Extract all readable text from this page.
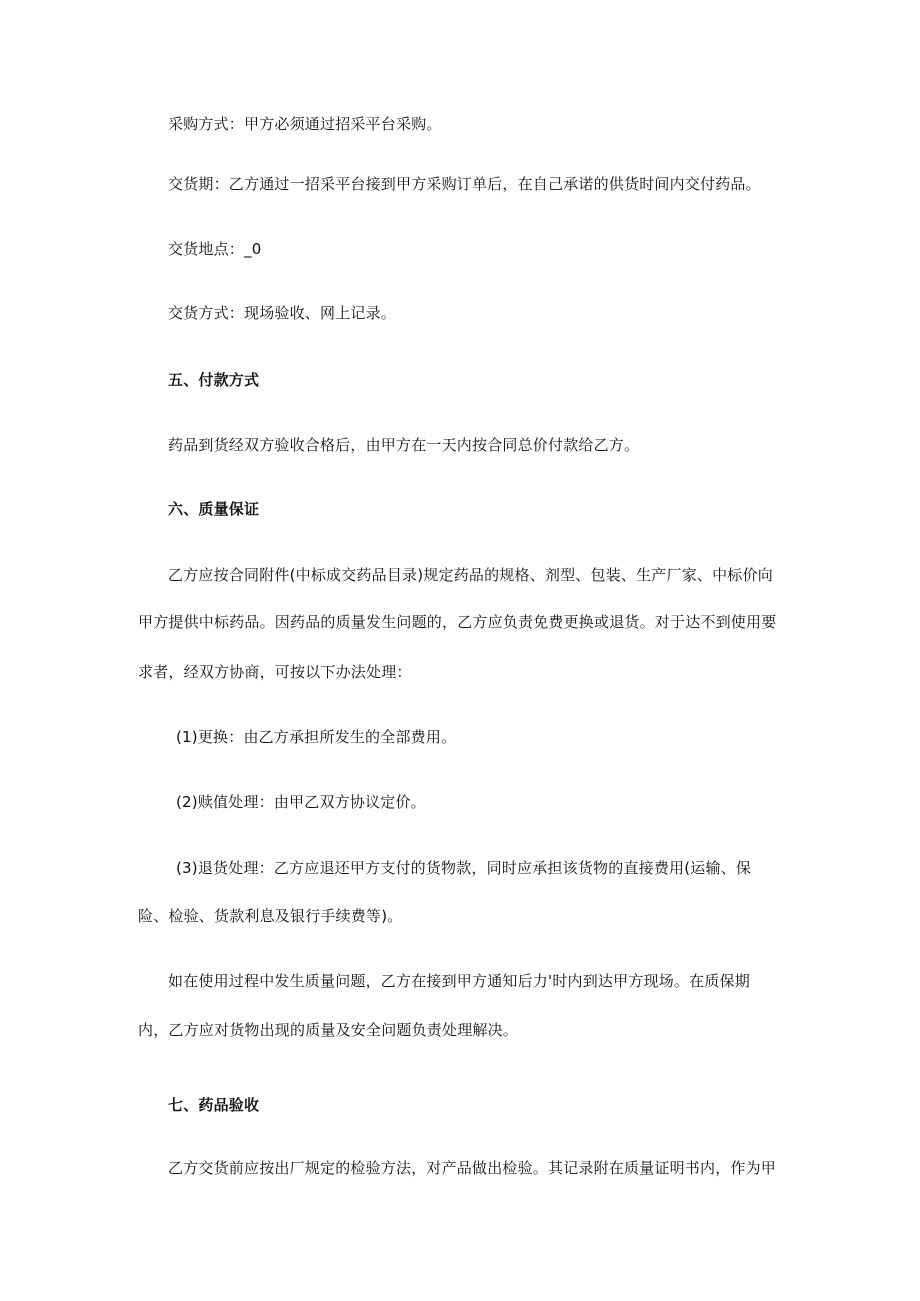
采购方式：甲方必须通过招采平台采购。
交货期：乙方通过一招采平台接到甲方采购订单后，在自己承诺的供货时间内交付药品。
交货地点：_0
交货方式：现场验收、网上记录。
五、付款方式
药品到货经双方验收合格后，由甲方在一天内按合同总价付款给乙方。
六、质量保证
乙方应按合同附件(中标成交药品目录)规定药品的规格、剂型、包装、生产厂家、中标价向
甲方提供中标药品。因药品的质量发生问题的，乙方应负责免费更换或退货。对于达不到使用要
求者，经双方协商，可按以下办法处理：
(1)更换：由乙方承担所发生的全部费用。
(2)赎值处理：由甲乙双方协议定价。
(3)退货处理：乙方应退还甲方支付的货物款，同时应承担该货物的直接费用(运输、保
险、检验、货款利息及银行手续费等)。
如在使用过程中发生质量问题，乙方在接到甲方通知后力'时内到达甲方现场。在质保期
内，乙方应对货物出现的质量及安全问题负责处理解决。
七、药品验收
乙方交货前应按出厂规定的检验方法，对产品做出检验。其记录附在质量证明书内，作为甲
